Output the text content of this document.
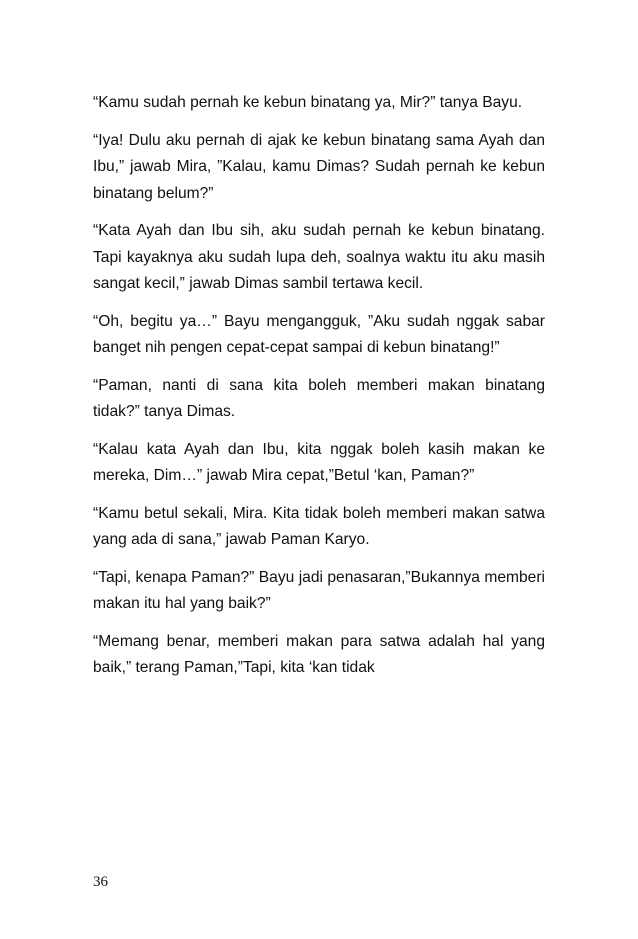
“Kamu sudah pernah ke kebun binatang ya, Mir?” tanya Bayu.

“Iya! Dulu aku pernah di ajak ke kebun binatang sama Ayah dan Ibu,” jawab Mira, ”Kalau, kamu Dimas? Sudah pernah ke kebun binatang belum?”

“Kata Ayah dan Ibu sih, aku sudah pernah ke kebun binatang. Tapi kayaknya aku sudah lupa deh, soalnya waktu itu aku masih sangat kecil,” jawab Dimas sambil tertawa kecil.

“Oh, begitu ya…” Bayu mengangguk, ”Aku sudah nggak sabar banget nih pengen cepat-cepat sampai di kebun binatang!”

“Paman, nanti di sana kita boleh memberi makan binatang tidak?” tanya Dimas.

“Kalau kata Ayah dan Ibu, kita nggak boleh kasih makan ke mereka, Dim…” jawab Mira cepat,”Betul ‘kan, Paman?”

“Kamu betul sekali, Mira. Kita tidak boleh memberi makan satwa yang ada di sana,” jawab Paman Karyo.

“Tapi, kenapa Paman?” Bayu jadi penasaran,”Bukannya memberi makan itu hal yang baik?”

“Memang benar, memberi makan para satwa adalah hal yang baik,” terang Paman,”Tapi, kita ‘kan tidak

36
